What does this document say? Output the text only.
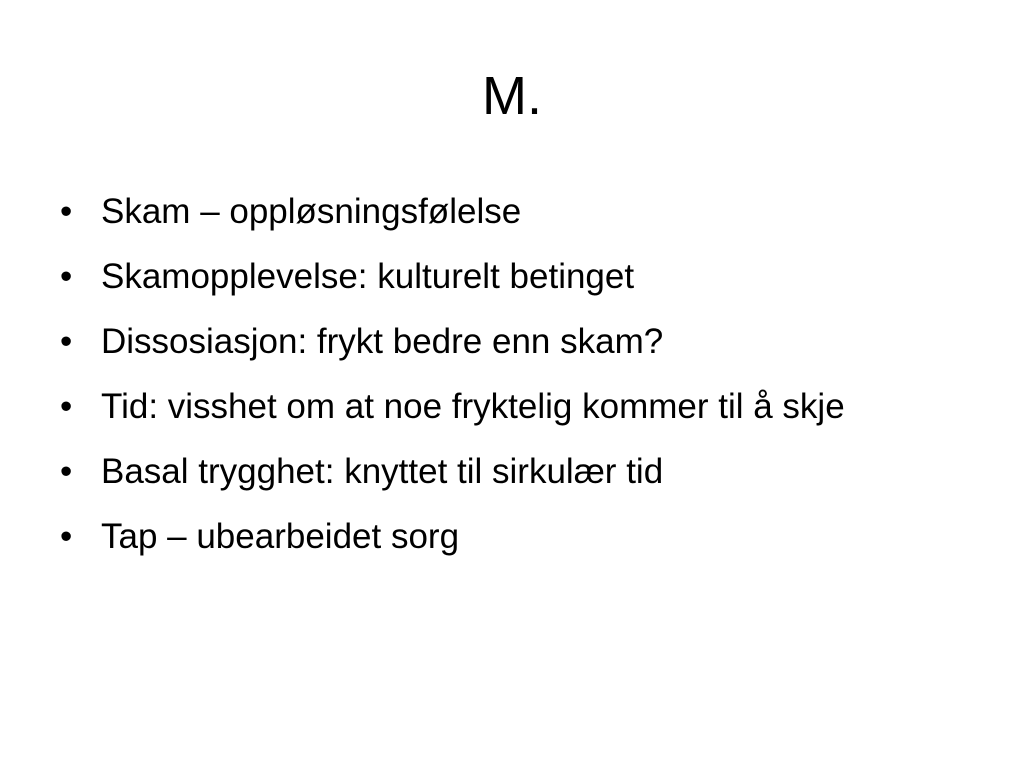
M.
• Skam – oppløsningsfølelse
• Skamopplevelse: kulturelt betinget
• Dissosiasjon: frykt bedre enn skam?
• Tid: visshet om at noe fryktelig kommer til å skje
• Basal trygghet: knyttet til sirkulær tid
• Tap – ubearbeidet sorg
